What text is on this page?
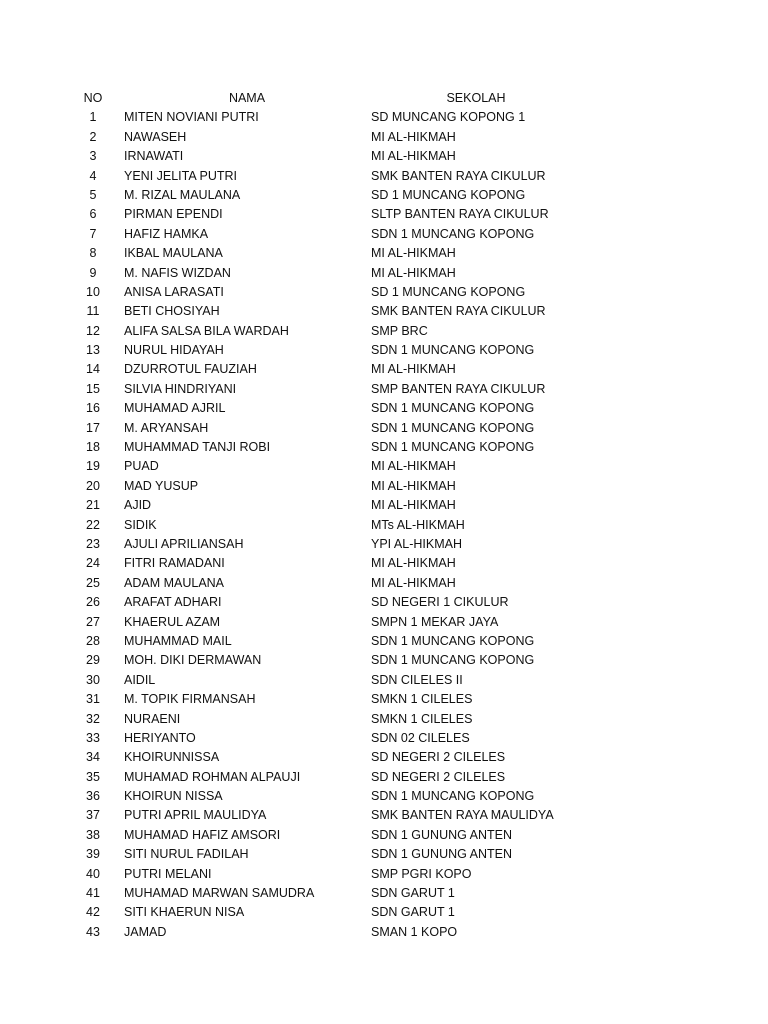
NO	NAMA	SEKOLAH
1	MITEN NOVIANI PUTRI	SD MUNCANG KOPONG 1
2	NAWASEH	MI AL-HIKMAH
3	IRNAWATI	MI AL-HIKMAH
4	YENI JELITA PUTRI	SMK BANTEN RAYA CIKULUR
5	M. RIZAL MAULANA	SD 1 MUNCANG KOPONG
6	PIRMAN EPENDI	SLTP BANTEN RAYA CIKULUR
7	HAFIZ HAMKA	SDN 1 MUNCANG KOPONG
8	IKBAL MAULANA	MI AL-HIKMAH
9	M. NAFIS WIZDAN	MI AL-HIKMAH
10	ANISA LARASATI	SD 1 MUNCANG KOPONG
11	BETI CHOSIYAH	SMK BANTEN RAYA CIKULUR
12	ALIFA SALSA BILA WARDAH	SMP BRC
13	NURUL HIDAYAH	SDN 1 MUNCANG KOPONG
14	DZURROTUL FAUZIAH	MI AL-HIKMAH
15	SILVIA HINDRIYANI	SMP BANTEN RAYA CIKULUR
16	MUHAMAD AJRIL	SDN 1 MUNCANG KOPONG
17	M. ARYANSAH	SDN 1 MUNCANG KOPONG
18	MUHAMMAD TANJI ROBI	SDN 1 MUNCANG KOPONG
19	PUAD	MI AL-HIKMAH
20	MAD YUSUP	MI AL-HIKMAH
21	AJID	MI AL-HIKMAH
22	SIDIK	MTs AL-HIKMAH
23	AJULI APRILIANSAH	YPI AL-HIKMAH
24	FITRI RAMADANI	MI AL-HIKMAH
25	ADAM MAULANA	MI AL-HIKMAH
26	ARAFAT ADHARI	SD NEGERI 1 CIKULUR
27	KHAERUL AZAM	SMPN 1 MEKAR JAYA
28	MUHAMMAD MAIL	SDN 1 MUNCANG KOPONG
29	MOH. DIKI DERMAWAN	SDN 1 MUNCANG KOPONG
30	AIDIL	SDN CILELES II
31	M. TOPIK FIRMANSAH	SMKN 1 CILELES
32	NURAENI	SMKN 1 CILELES
33	HERIYANTO	SDN 02 CILELES
34	KHOIRUNNISSA	SD NEGERI 2 CILELES
35	MUHAMAD ROHMAN ALPAUJI	SD NEGERI 2 CILELES
36	KHOIRUN NISSA	SDN 1 MUNCANG KOPONG
37	PUTRI APRIL MAULIDYA	SMK BANTEN RAYA MAULIDYA
38	MUHAMAD HAFIZ AMSORI	SDN 1 GUNUNG ANTEN
39	SITI NURUL FADILAH	SDN 1 GUNUNG ANTEN
40	PUTRI MELANI	SMP PGRI KOPO
41	MUHAMAD MARWAN SAMUDRA	SDN GARUT 1
42	SITI KHAERUN NISA	SDN GARUT 1
43	JAMAD	SMAN 1 KOPO
